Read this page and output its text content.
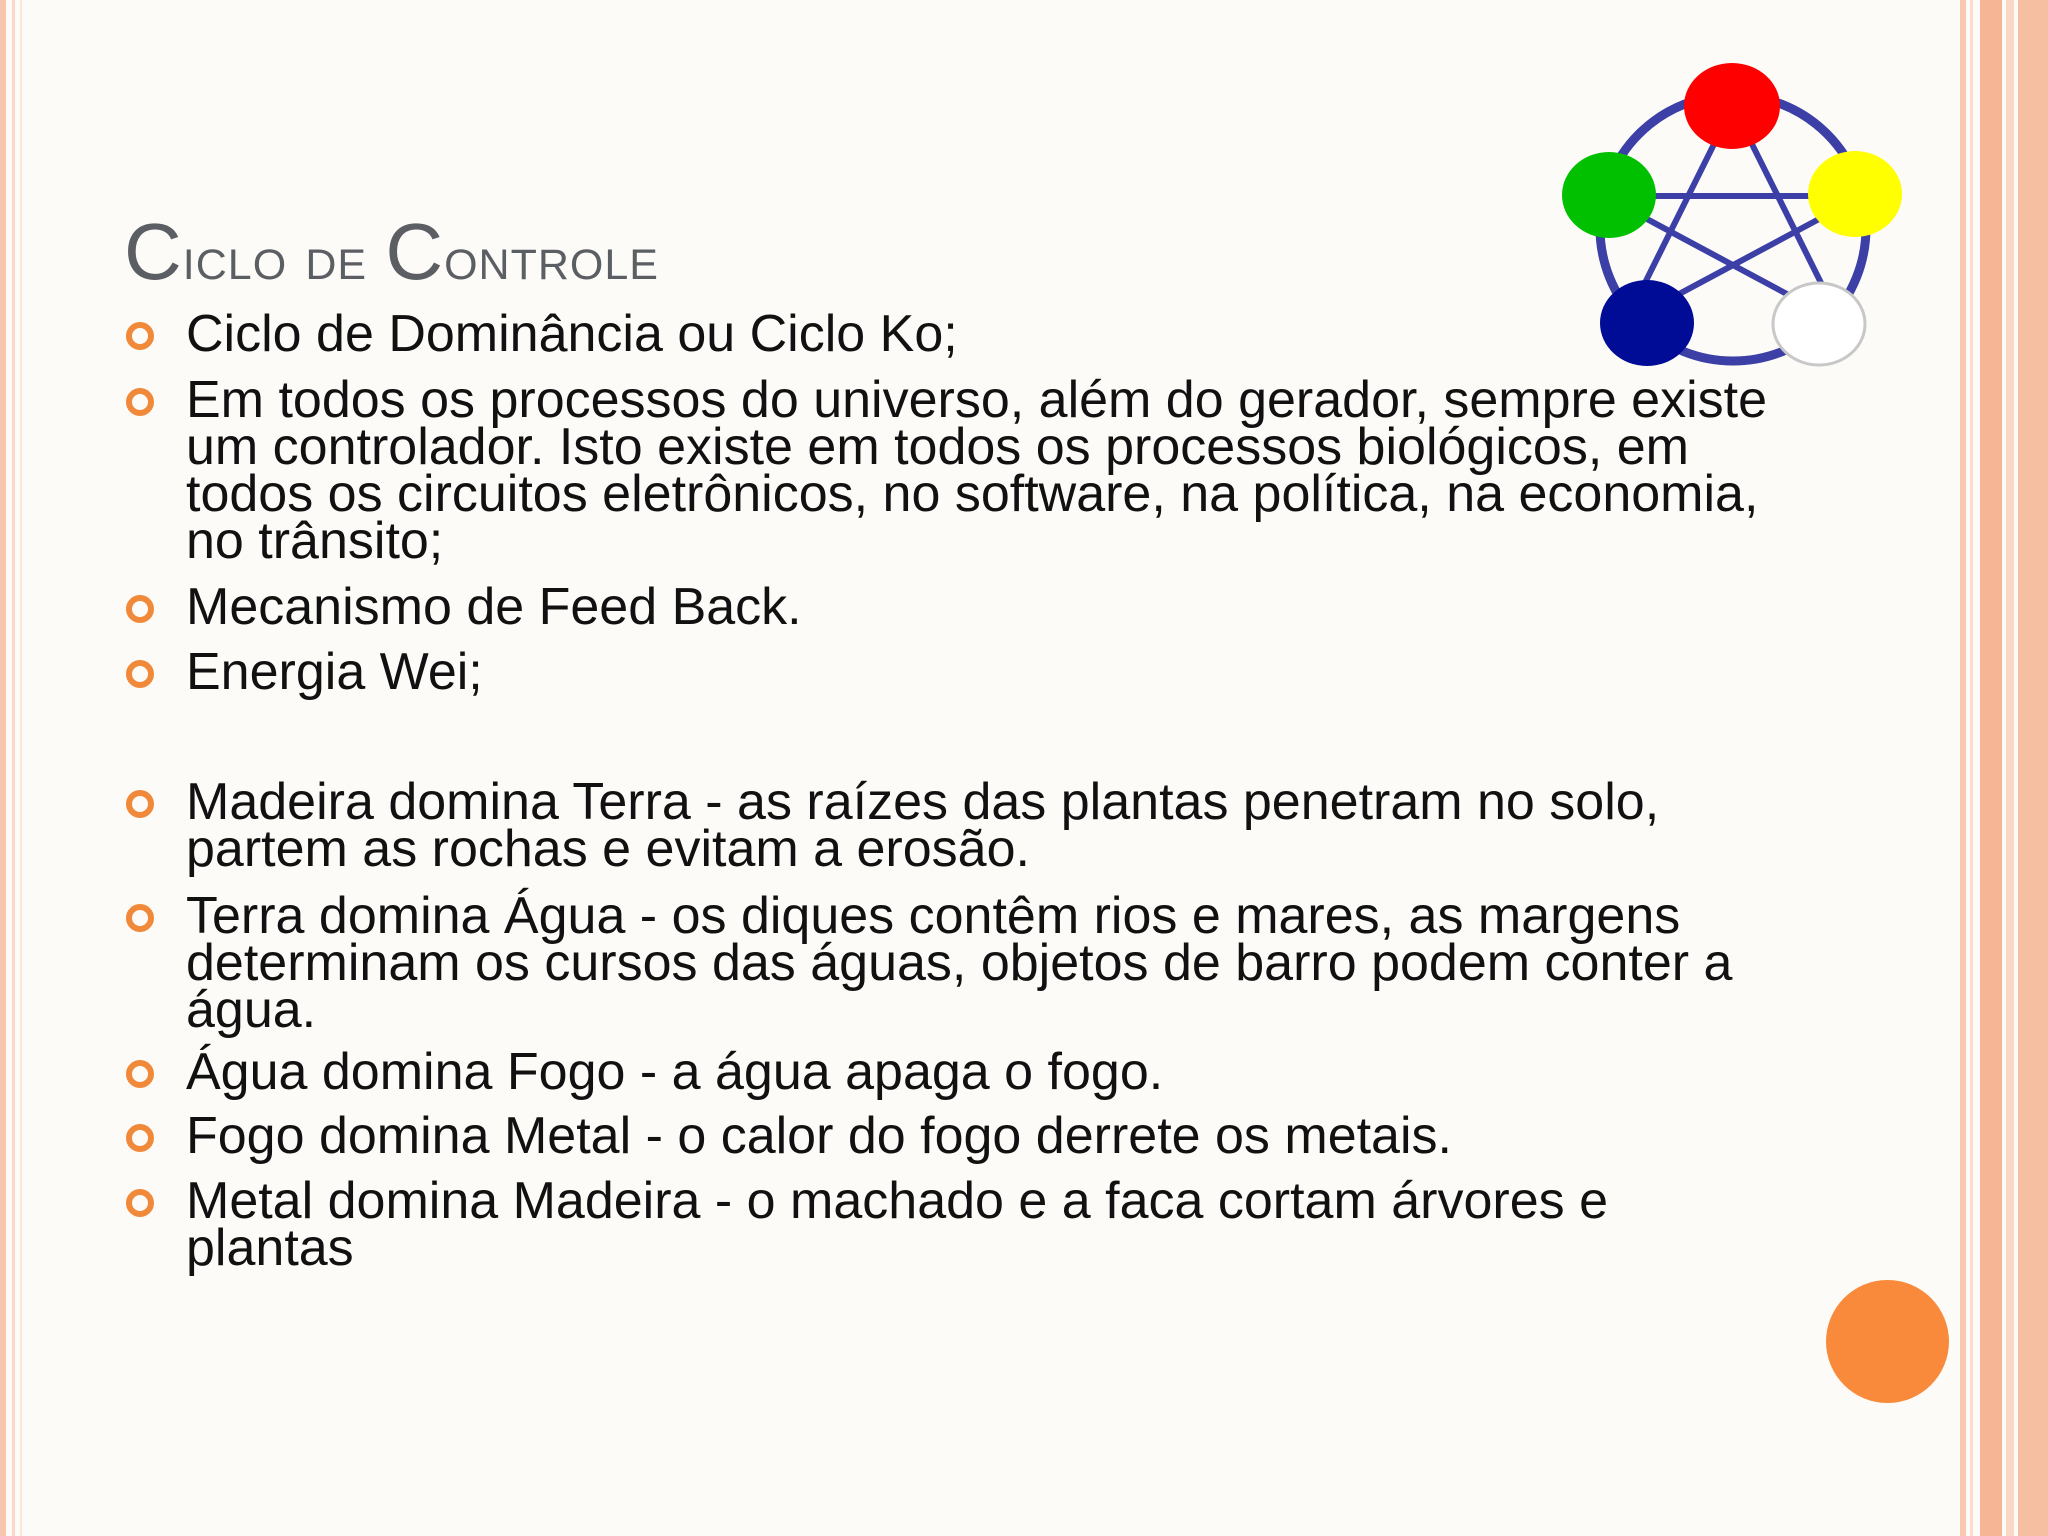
Ciclo de Controle
Ciclo de Dominância ou Ciclo Ko;
Em todos os processos do universo, além do gerador, sempre existe
um controlador. Isto existe em todos os processos biológicos, em
todos os circuitos eletrônicos, no software, na política, na economia,
no trânsito;
Mecanismo de Feed Back.
Energia Wei;
Madeira domina Terra - as raízes das plantas penetram no solo,
partem as rochas e evitam a erosão.
Terra domina Água - os diques contêm rios e mares, as margens
determinam os cursos das águas, objetos de barro podem conter a
água.
Água domina Fogo - a água apaga o fogo.
Fogo domina Metal - o calor do fogo derrete os metais.
Metal domina Madeira - o machado e a faca cortam árvores e
plantas
